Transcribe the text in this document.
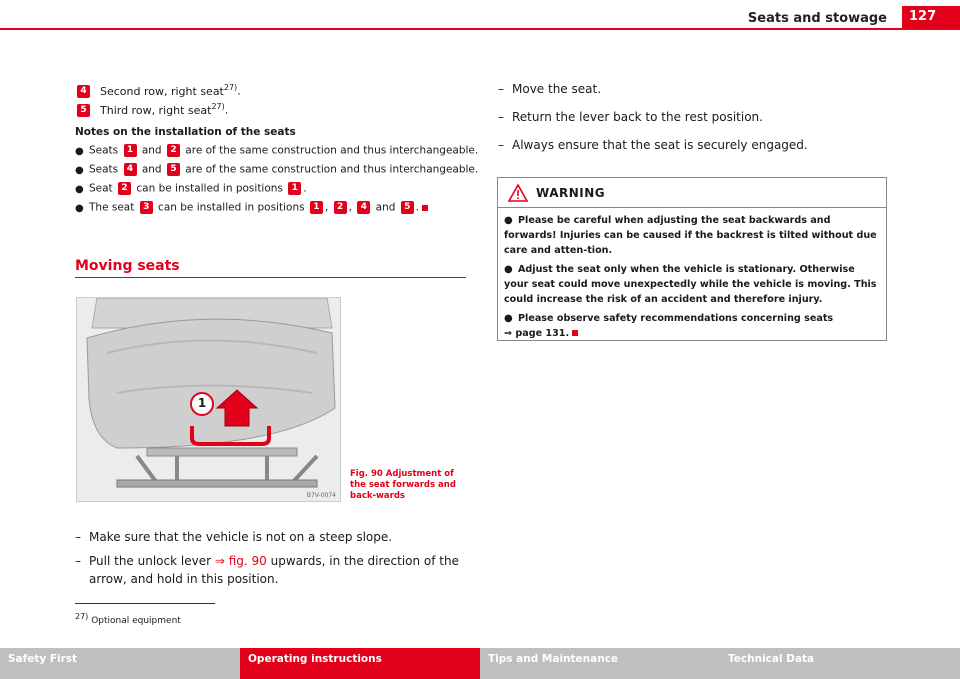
Seats and stowage	127
4 Second row, right seat$^{27)}$.
5 Third row, right seat$^{27)}$.
Notes on the installation of the seats
● Seats 1 and 2 are of the same construction and thus interchangeable.
● Seats 4 and 5 are of the same construction and thus interchangeable.
● Seat 2 can be installed in positions 1 .
● The seat 3 can be installed in positions 1 , 2 , 4 and 5 .
Moving seats
1
B7V-0074
Fig. 90 Adjustment of the seat forwards and back-wards
– Make sure that the vehicle is not on a steep slope.
– Pull the unlock lever ⇒ fig. 90 upwards, in the direction of the arrow, and hold in this position.
$^{27)}$ Optional equipment
– Move the seat.
– Return the lever back to the rest position.
– Always ensure that the seat is securely engaged.
WARNING
● Please be careful when adjusting the seat backwards and forwards! Injuries can be caused if the backrest is tilted without due care and atten-tion.
● Adjust the seat only when the vehicle is stationary. Otherwise your seat could move unexpectedly while the vehicle is moving. This could increase the risk of an accident and therefore injury.
● Please observe safety recommendations concerning seats
⇒ page 131.
Safety First	Operating instructions	Tips and Maintenance	Technical Data
